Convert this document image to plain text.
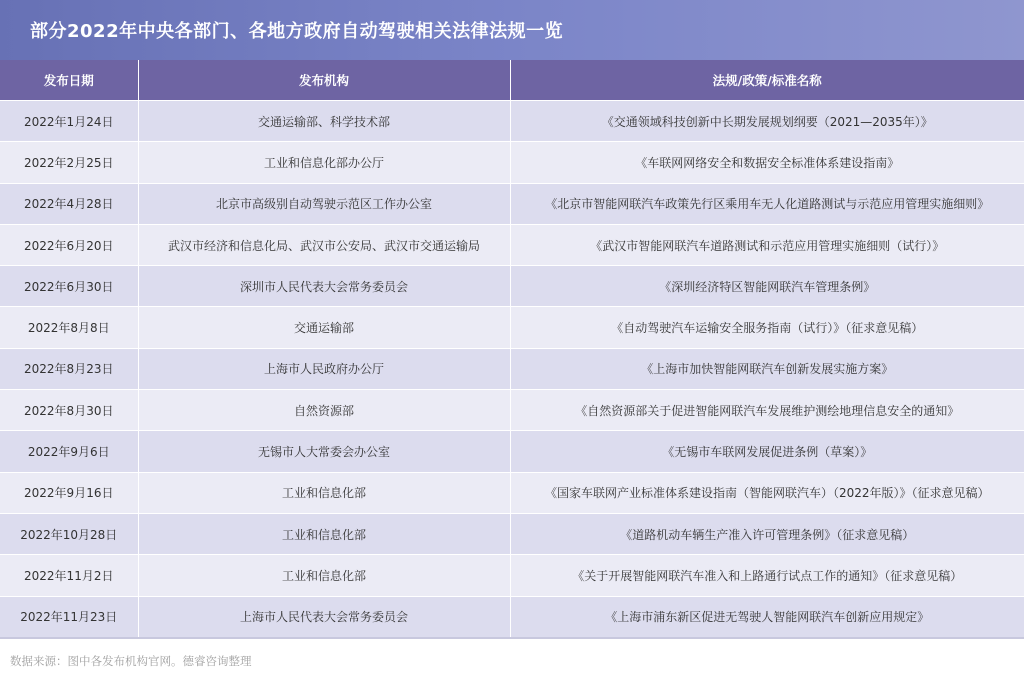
部分2022年中央各部门、各地方政府自动驾驶相关法律法规一览
发布日期	发布机构	法规/政策/标准名称
2022年1月24日	交通运输部、科学技术部	《交通领域科技创新中长期发展规划纲要（2021—2035年）》
2022年2月25日	工业和信息化部办公厅	《车联网网络安全和数据安全标准体系建设指南》
2022年4月28日	北京市高级别自动驾驶示范区工作办公室	《北京市智能网联汽车政策先行区乘用车无人化道路测试与示范应用管理实施细则》
2022年6月20日	武汉市经济和信息化局、武汉市公安局、武汉市交通运输局	《武汉市智能网联汽车道路测试和示范应用管理实施细则（试行）》
2022年6月30日	深圳市人民代表大会常务委员会	《深圳经济特区智能网联汽车管理条例》
2022年8月8日	交通运输部	《自动驾驶汽车运输安全服务指南（试行）》（征求意见稿）
2022年8月23日	上海市人民政府办公厅	《上海市加快智能网联汽车创新发展实施方案》
2022年8月30日	自然资源部	《自然资源部关于促进智能网联汽车发展维护测绘地理信息安全的通知》
2022年9月6日	无锡市人大常委会办公室	《无锡市车联网发展促进条例（草案）》
2022年9月16日	工业和信息化部	《国家车联网产业标准体系建设指南（智能网联汽车）（2022年版）》（征求意见稿）
2022年10月28日	工业和信息化部	《道路机动车辆生产准入许可管理条例》（征求意见稿）
2022年11月2日	工业和信息化部	《关于开展智能网联汽车准入和上路通行试点工作的通知》（征求意见稿）
2022年11月23日	上海市人民代表大会常务委员会	《上海市浦东新区促进无驾驶人智能网联汽车创新应用规定》
数据来源：图中各发布机构官网。德睿咨询整理
